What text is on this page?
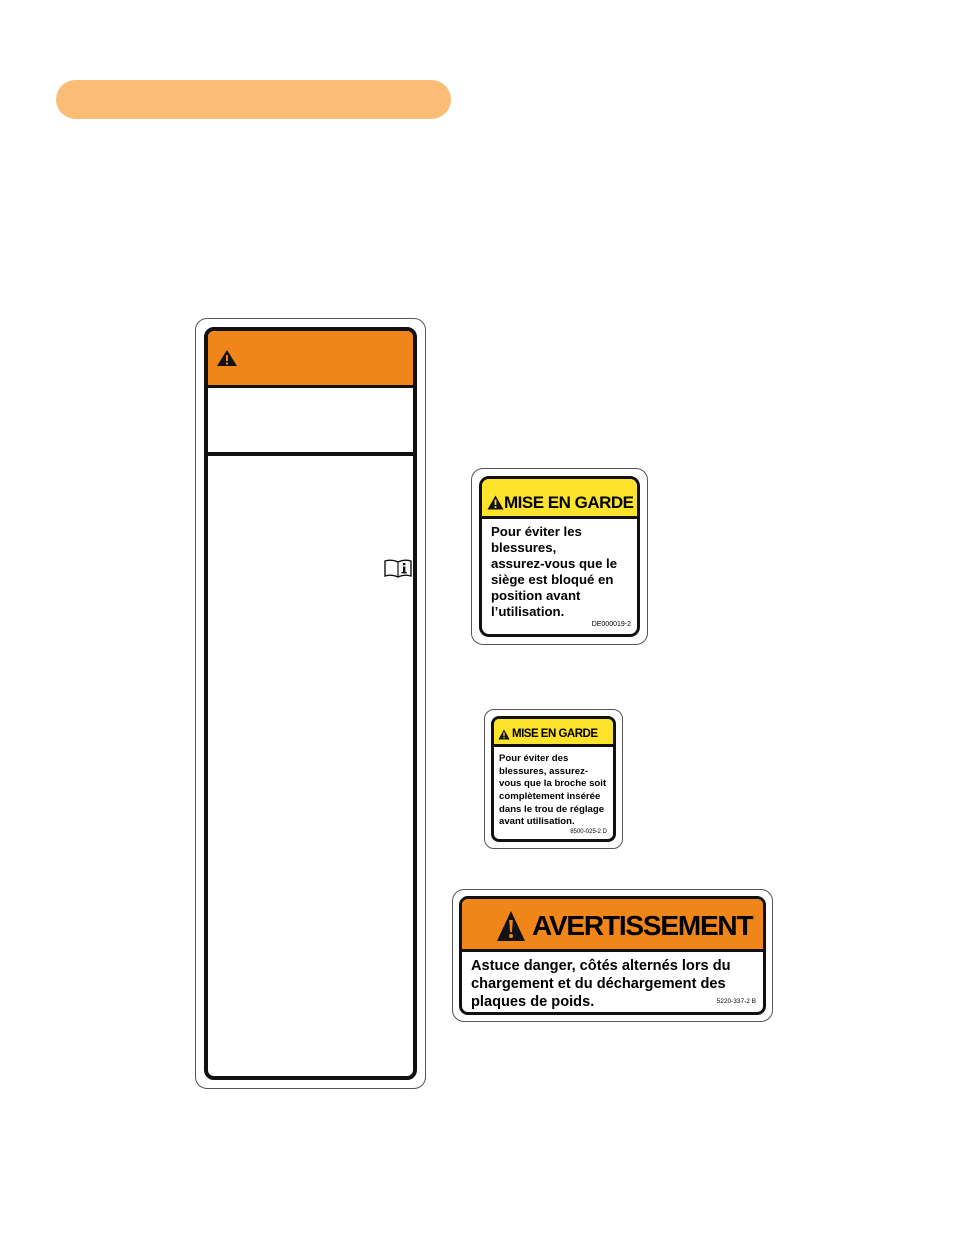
MISE EN GARDE
Pour éviter les
blessures,
assurez-vous que le
siège est bloqué en
position avant
l’utilisation.
DE000019-2
MISE EN GARDE
Pour éviter des
blessures, assurez-
vous que la broche soit
complètement insérée
dans le trou de réglage
avant utilisation.
8500-025-2 D
AVERTISSEMENT
Astuce danger, côtés alternés lors du
chargement et du déchargement des
plaques de poids.	5220-337-2 B
